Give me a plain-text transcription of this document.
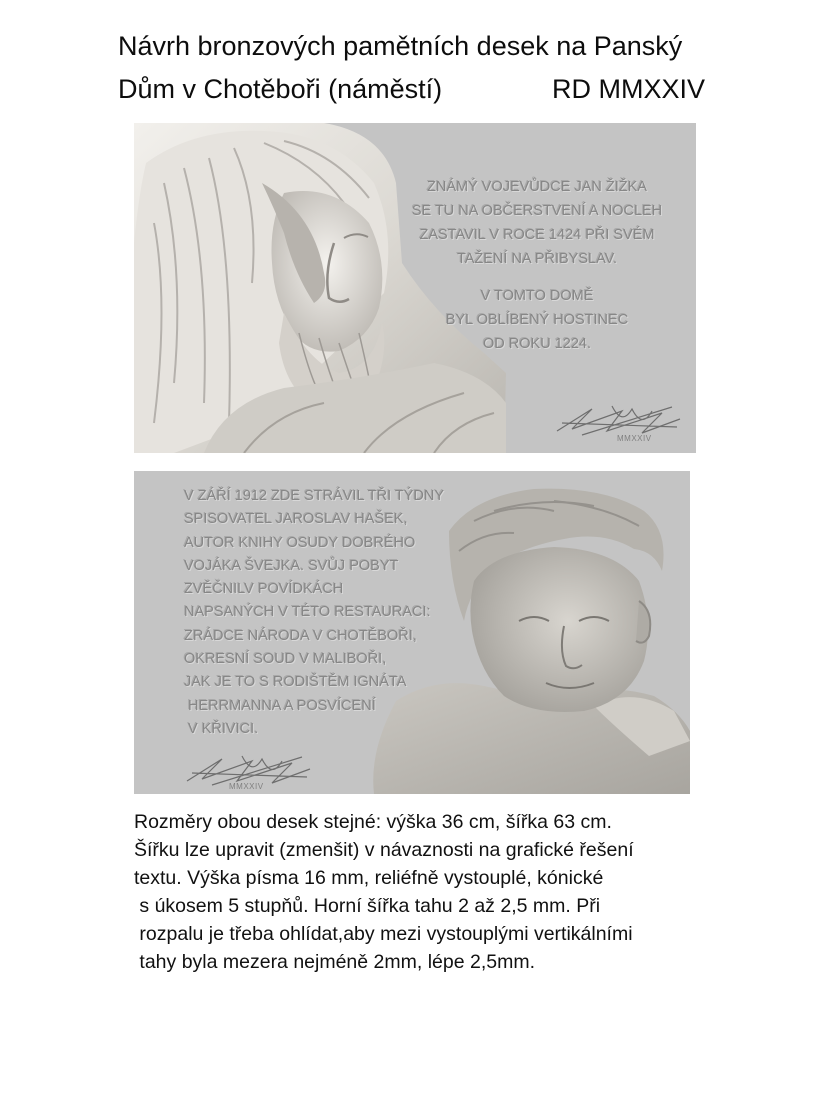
Návrh bronzových pamětních desek na Panský
Dům v Chotěboři (náměstí)	RD MMXXIV
ZNÁMÝ VOJEVŮDCE JAN ŽIŽKA
SE TU NA OBČERSTVENÍ A NOCLEH
ZASTAVIL V ROCE 1424 PŘI SVÉM
TAŽENÍ NA PŘIBYSLAV.
V TOMTO DOMĚ
BYL OBLÍBENÝ HOSTINEC
OD ROKU 1224.
MMXXIV
V ZÁŘÍ 1912 ZDE STRÁVIL TŘI TÝDNY
SPISOVATEL JAROSLAV HAŠEK,
AUTOR KNIHY OSUDY DOBRÉHO
VOJÁKA ŠVEJKA. SVŮJ POBYT
ZVĚČNILV POVÍDKÁCH
NAPSANÝCH V TÉTO RESTAURACI:
ZRÁDCE NÁRODA V CHOTĚBOŘI,
OKRESNÍ SOUD V MALIBOŘI,
JAK JE TO S RODIŠTĚM IGNÁTA
HERRMANNA A POSVÍCENÍ
V KŘIVICI.
MMXXIV
Rozměry obou desek stejné: výška 36 cm, šířka 63 cm.
Šířku lze upravit (zmenšit) v návaznosti na grafické řešení
textu. Výška písma 16 mm, reliéfně vystouplé, kónické
s úkosem 5 stupňů. Horní šířka tahu 2 až 2,5 mm. Při
rozpalu je třeba ohlídat,aby mezi vystouplými vertikálními
tahy byla mezera nejméně 2mm, lépe 2,5mm.
